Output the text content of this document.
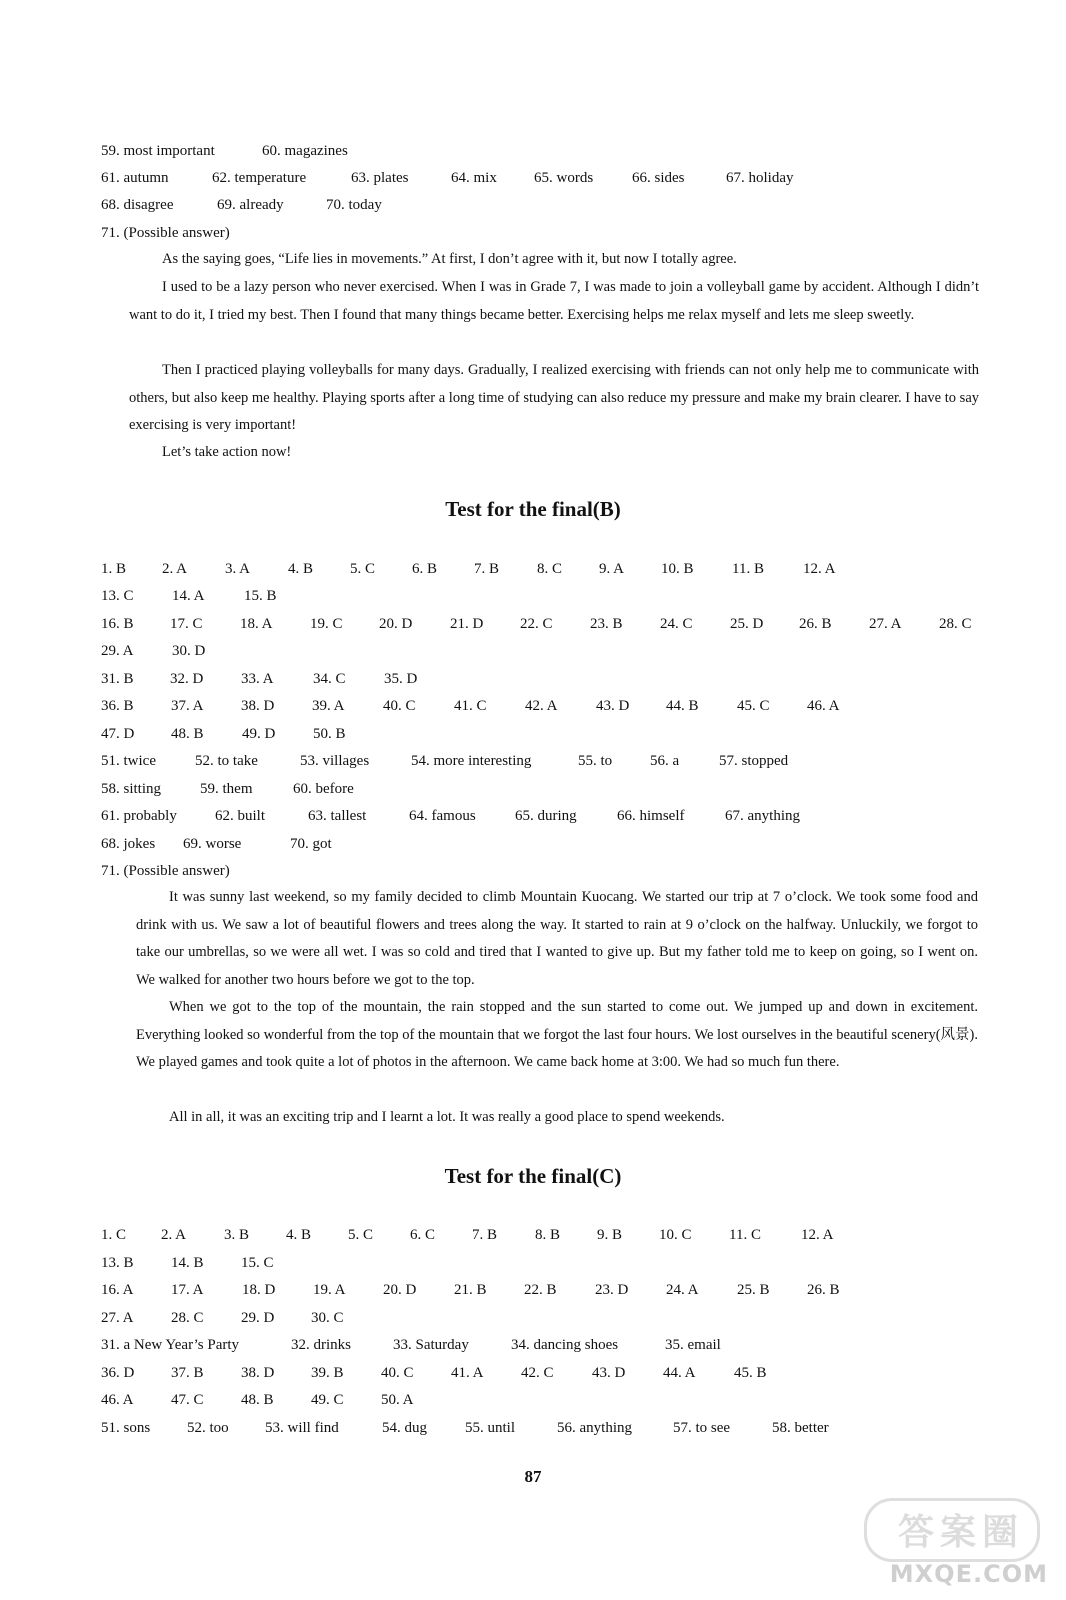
59. most important	60. magazines
61. autumn	62. temperature	63. plates	64. mix 65. words	66. sides	67. holiday
68. disagree	69. already	70. today
71. (Possible answer)
As the saying goes, “Life lies in movements.” At first, I don’t agree with it, but now I totally agree.
I used to be a lazy person who never exercised. When I was in Grade 7, I was made to join a volleyball game by accident. Although I didn’t want to do it, I tried my best. Then I found that many things became better. Exercising helps me relax myself and lets me sleep sweetly.
Then I practiced playing volleyballs for many days. Gradually, I realized exercising with friends can not only help me to communicate with others, but also keep me healthy. Playing sports after a long time of studying can also reduce my pressure and make my brain clearer. I have to say exercising is very important!
Let’s take action now!
Test for the final(B)
1. B 2. A	3. A	4. B 5. C 6. B 7. B	8. C 9. A 10. B	11. B	12. A
13. C	14. A	15. B
16. B 17. C 18. A 19. C 20. D	21. D 22. C 23. B 24. C 25. D 26. B 27. A 28. C
29. A	30. D
31. B 32. D	33. A	34. C	35. D
36. B 37. A 38. D	39. A	40. C	41. C	42. A	43. D 44. B	45. C 46. A
47. D 48. B	49. D	50. B
51. twice	52. to take	53. villages	54. more interesting	55. to	56. a	57. stopped
58. sitting	59. them	60. before
61. probably	62. built	63. tallest	64. famous	65. during	66. himself	67. anything
68. jokes 69. worse	70. got
71. (Possible answer)
It was sunny last weekend, so my family decided to climb Mountain Kuocang. We started our trip at 7 o’clock. We took some food and drink with us. We saw a lot of beautiful flowers and trees along the way. It started to rain at 9 o’clock on the halfway. Unluckily, we forgot to take our umbrellas, so we were all wet. I was so cold and tired that I wanted to give up. But my father told me to keep on going, so I went on. We walked for another two hours before we got to the top.
When we got to the top of the mountain, the rain stopped and the sun started to come out. We jumped up and down in excitement. Everything looked so wonderful from the top of the mountain that we forgot the last four hours. We lost ourselves in the beautiful scenery(风景). We played games and took quite a lot of photos in the afternoon. We came back home at 3:00. We had so much fun there.
All in all, it was an exciting trip and I learnt a lot. It was really a good place to spend weekends.
Test for the final(C)
1. C 2. A	3. B 4. B 5. C 6. C 7. B	8. B 9. B 10. C 11. C	12. A
13. B 14. B 15. C
16. A 17. A	18. D	19. A 20. D	21. B 22. B	23. D	24. A	25. B 26. B
27. A 28. C 29. D 30. C
31. a New Year’s Party	32. drinks	33. Saturday	34. dancing shoes	35. email
36. D 37. B 38. D 39. B 40. C 41. A 42. C	43. D	44. A	45. B
46. A 47. C 48. B 49. C 50. A
51. sons 52. too 53. will find	54. dug	55. until	56. anything	57. to see	58. better
87
答案圈
MXQE.COM
